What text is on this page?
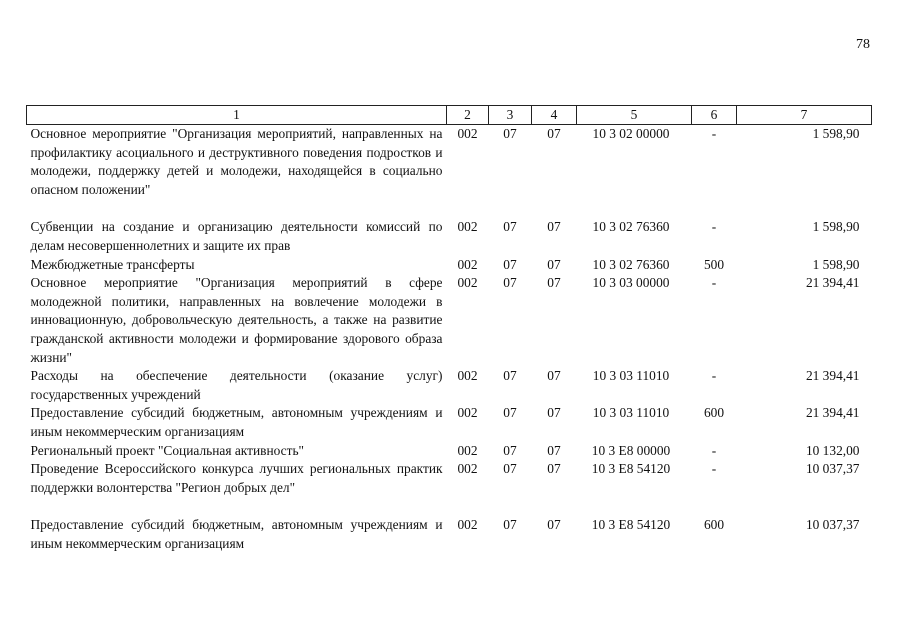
78
1	2	3	4	5	6	7
Основное мероприятие "Организация мероприятий, направленных на профилактику асоциального и деструктивного поведения подростков и молодежи, поддержку детей и молодежи, находящейся в социально опасном положении"	002	07	07	10 3 02 00000	-	1 598,90
Субвенции на создание и организацию деятельности комиссий по делам несовершеннолетних и защите их прав	002	07	07	10 3 02 76360	-	1 598,90
Межбюджетные трансферты	002	07	07	10 3 02 76360	500	1 598,90
Основное мероприятие "Организация мероприятий в сфере молодежной политики, направленных на вовлечение молодежи в инновационную, добровольческую деятельность, а также на развитие гражданской активности молодежи и формирование здорового образа жизни"	002	07	07	10 3 03 00000	-	21 394,41
Расходы на обеспечение деятельности (оказание услуг) государственных учреждений	002	07	07	10 3 03 11010	-	21 394,41
Предоставление субсидий бюджетным, автономным учреждениям и иным некоммерческим организациям	002	07	07	10 3 03 11010	600	21 394,41
Региональный проект "Социальная активность"	002	07	07	10 3 E8 00000	-	10 132,00
Проведение Всероссийского конкурса лучших региональных практик поддержки волонтерства "Регион добрых дел"	002	07	07	10 3 E8 54120	-	10 037,37
Предоставление субсидий бюджетным, автономным учреждениям и иным некоммерческим организациям	002	07	07	10 3 E8 54120	600	10 037,37
